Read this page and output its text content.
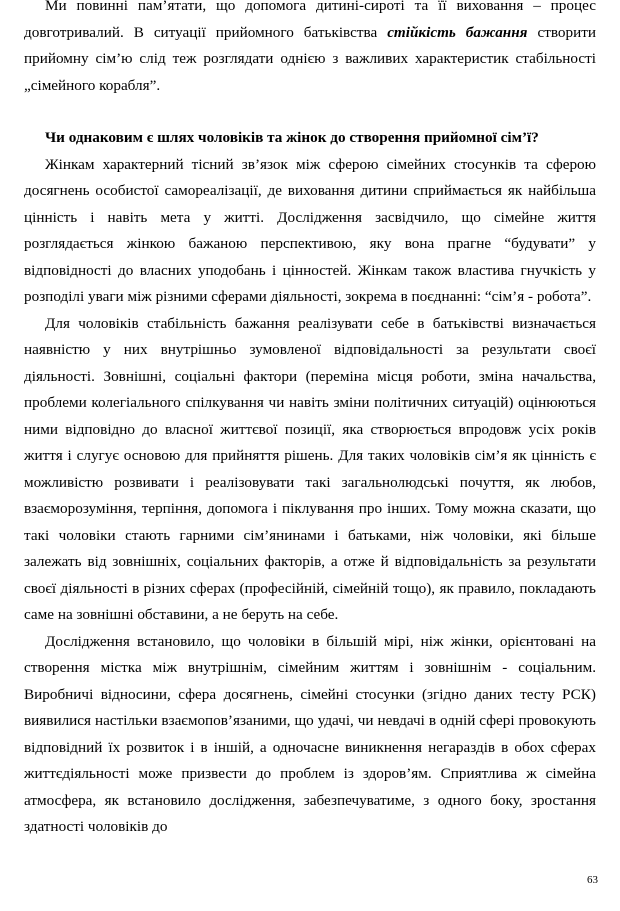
Ми повинні пам’ятати, що допомога дитині-сироті та її виховання – процес довготривалий. В ситуації прийомного батьківства стійкість бажання створити прийомну сім’ю слід теж розглядати однією з важливих характеристик стабільності „сімейного корабля”.

Чи однаковим є шлях чоловіків та жінок до створення прийомної сім’ї?

Жінкам характерний тісний зв’язок між сферою сімейних стосунків та сферою досягнень особистої самореалізації, де виховання дитини сприймається як найбільша цінність і навіть мета у житті. Дослідження засвідчило, що сімейне життя розглядається жінкою бажаною перспективою, яку вона прагне “будувати” у відповідності до власних уподобань і цінностей. Жінкам також властива гнучкість у розподілі уваги між різними сферами діяльності, зокрема в поєднанні: “сім’я - робота”.

Для чоловіків стабільність бажання реалізувати себе в батьківстві визначається наявністю у них внутрішньо зумовленої відповідальності за результати своєї діяльності. Зовнішні, соціальні фактори (переміна місця роботи, зміна начальства, проблеми колегіального спілкування чи навіть зміни політичних ситуацій) оцінюються ними відповідно до власної життєвої позиції, яка створюється впродовж усіх років життя і слугує основою для прийняття рішень. Для таких чоловіків сім’я як цінність є можливістю розвивати і реалізовувати такі загальнолюдські почуття, як любов, взаєморозуміння, терпіння, допомога і піклування про інших. Тому можна сказати, що такі чоловіки стають гарними сім’янинами і батьками, ніж чоловіки, які більше залежать від зовнішніх, соціальних факторів, а отже й відповідальність за результати своєї діяльності в різних сферах (професійній, сімейній тощо), як правило, покладають саме на зовнішні обставини, а не беруть на себе.

Дослідження встановило, що чоловіки в більшій мірі, ніж жінки, орієнтовані на створення містка між внутрішнім, сімейним життям і зовнішнім - соціальним. Виробничі відносини, сфера досягнень, сімейні стосунки (згідно даних тесту РСК) виявилися настільки взаємопов’язаними, що удачі, чи невдачі в одній сфері провокують відповідний їх розвиток і в іншій, а одночасне виникнення негараздів в обох сферах життєдіяльності може призвести до проблем із здоров’ям. Сприятлива ж сімейна атмосфера, як встановило дослідження, забезпечуватиме, з одного боку, зростання здатності чоловіків до

63
